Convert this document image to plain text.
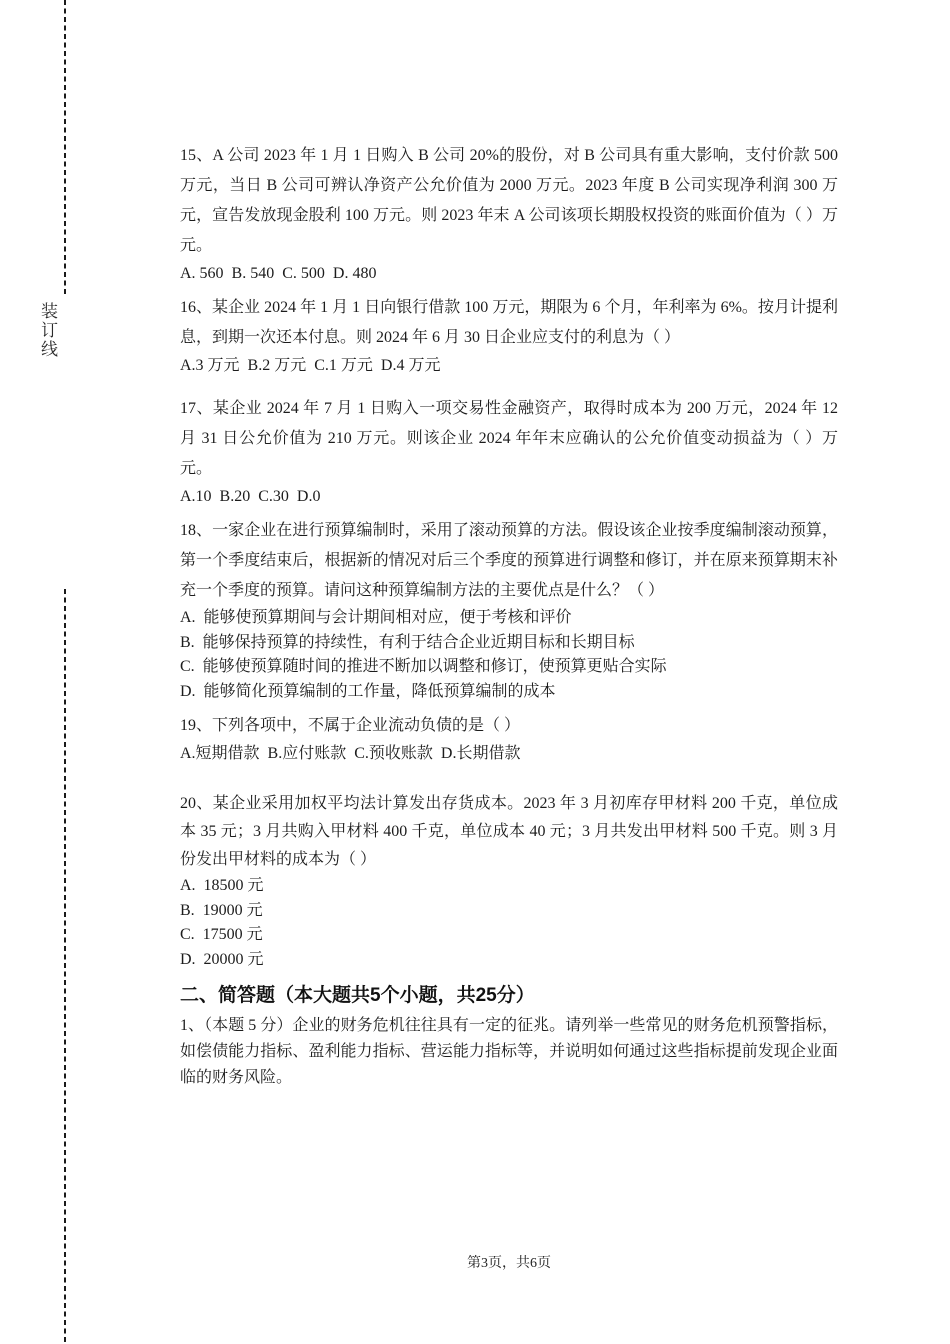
装订线
15、A 公司 2023 年 1 月 1 日购入 B 公司 20%的股份，对 B 公司具有重大影响，支付价款 500 万元，当日 B 公司可辨认净资产公允价值为 2000 万元。2023 年度 B 公司实现净利润 300 万元，宣告发放现金股利 100 万元。则 2023 年末 A 公司该项长期股权投资的账面价值为（ ）万元。
A. 560  B. 540  C. 500  D. 480
16、某企业 2024 年 1 月 1 日向银行借款 100 万元，期限为 6 个月，年利率为 6%。按月计提利息，到期一次还本付息。则 2024 年 6 月 30 日企业应支付的利息为（ ）
A.3 万元  B.2 万元  C.1 万元  D.4 万元
17、某企业 2024 年 7 月 1 日购入一项交易性金融资产，取得时成本为 200 万元，2024 年 12 月 31 日公允价值为 210 万元。则该企业 2024 年年末应确认的公允价值变动损益为（ ）万元。
A.10  B.20  C.30  D.0
18、一家企业在进行预算编制时，采用了滚动预算的方法。假设该企业按季度编制滚动预算，第一个季度结束后，根据新的情况对后三个季度的预算进行调整和修订，并在原来预算期末补充一个季度的预算。请问这种预算编制方法的主要优点是什么？（ ）
A.  能够使预算期间与会计期间相对应，便于考核和评价
B.  能够保持预算的持续性，有利于结合企业近期目标和长期目标
C.  能够使预算随时间的推进不断加以调整和修订，使预算更贴合实际
D.  能够简化预算编制的工作量，降低预算编制的成本
19、下列各项中，不属于企业流动负债的是（ ）
A.短期借款  B.应付账款  C.预收账款  D.长期借款
20、某企业采用加权平均法计算发出存货成本。2023 年 3 月初库存甲材料 200 千克，单位成本 35 元；3 月共购入甲材料 400 千克，单位成本 40 元；3 月共发出甲材料 500 千克。则 3 月份发出甲材料的成本为（ ）
A.  18500 元
B.  19000 元
C.  17500 元
D.  20000 元
二、简答题（本大题共5个小题，共25分）
1、（本题 5 分）企业的财务危机往往具有一定的征兆。请列举一些常见的财务危机预警指标，如偿债能力指标、盈利能力指标、营运能力指标等，并说明如何通过这些指标提前发现企业面临的财务风险。
第3页，共6页
